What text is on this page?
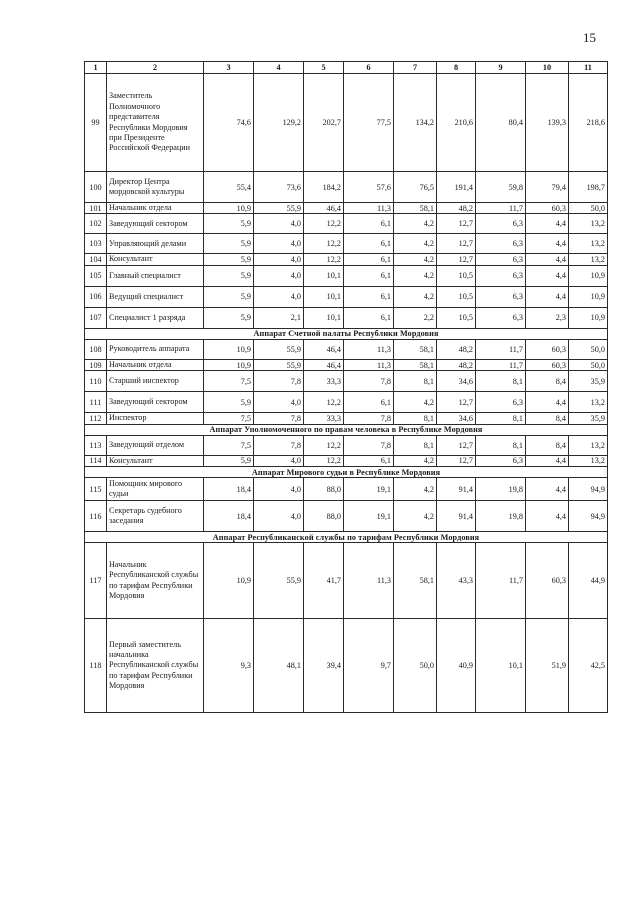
15
1	2	3	4	5	6	7	8	9	10	11
99	Заместитель Полномочного представителя Республики Мордовия при Президенте Российской Федерации	74,6	129,2	202,7	77,5	134,2	210,6	80,4	139,3	218,6
100	Директор Центра мордовской культуры	55,4	73,6	184,2	57,6	76,5	191,4	59,8	79,4	198,7
101	Начальник отдела	10,9	55,9	46,4	11,3	58,1	48,2	11,7	60,3	50,0
102	Заведующий сектором	5,9	4,0	12,2	6,1	4,2	12,7	6,3	4,4	13,2
103	Управляющий делами	5,9	4,0	12,2	6,1	4,2	12,7	6,3	4,4	13,2
104	Консультант	5,9	4,0	12,2	6,1	4,2	12,7	6,3	4,4	13,2
105	Главный специалист	5,9	4,0	10,1	6,1	4,2	10,5	6,3	4,4	10,9
106	Ведущий специалист	5,9	4,0	10,1	6,1	4,2	10,5	6,3	4,4	10,9
107	Специалист 1 разряда	5,9	2,1	10,1	6,1	2,2	10,5	6,3	2,3	10,9
Аппарат Счетной палаты Республики Мордовия										
108	Руководитель аппарата	10,9	55,9	46,4	11,3	58,1	48,2	11,7	60,3	50,0
109	Начальник отдела	10,9	55,9	46,4	11,3	58,1	48,2	11,7	60,3	50,0
110	Старший инспектор	7,5	7,8	33,3	7,8	8,1	34,6	8,1	8,4	35,9
111	Заведующий сектором	5,9	4,0	12,2	6,1	4,2	12,7	6,3	4,4	13,2
112	Инспектор	7,5	7,8	33,3	7,8	8,1	34,6	8,1	8,4	35,9
Аппарат Уполномоченного по правам человека в Республике Мордовия										
113	Заведующий отделом	7,5	7,8	12,2	7,8	8,1	12,7	8,1	8,4	13,2
114	Консультант	5,9	4,0	12,2	6,1	4,2	12,7	6,3	4,4	13,2
Аппарат Мирового судьи в Республике Мордовия										
115	Помощник мирового судьи	18,4	4,0	88,0	19,1	4,2	91,4	19,8	4,4	94,9
116	Секретарь судебного заседания	18,4	4,0	88,0	19,1	4,2	91,4	19,8	4,4	94,9
Аппарат Республиканской службы по тарифам Республики Мордовия										
117	Начальник Республиканской службы по тарифам Республики Мордовия	10,9	55,9	41,7	11,3	58,1	43,3	11,7	60,3	44,9
118	Первый заместитель начальника Республиканской службы по тарифам Республики Мордовия	9,3	48,1	39,4	9,7	50,0	40,9	10,1	51,9	42,5
